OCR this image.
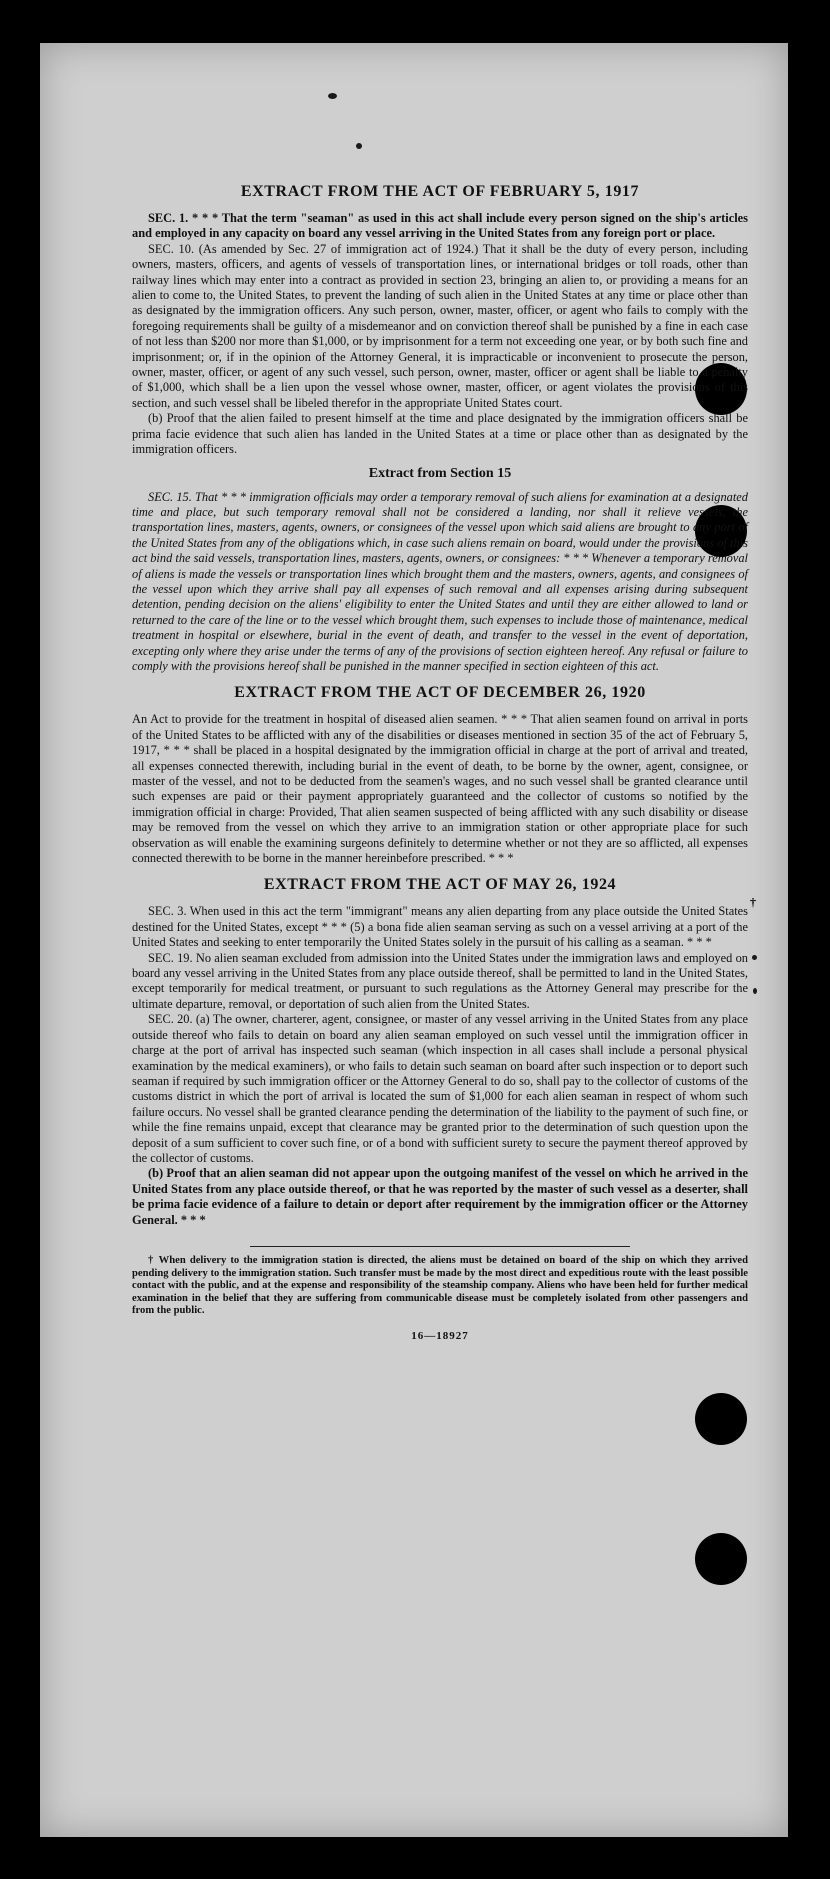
†
EXTRACT FROM THE ACT OF FEBRUARY 5, 1917

SEC. 1. * * * That the term "seaman" as used in this act shall include every person signed on the ship's articles and employed in any capacity on board any vessel arriving in the United States from any foreign port or place.

SEC. 10. (As amended by Sec. 27 of immigration act of 1924.) That it shall be the duty of every person, including owners, masters, officers, and agents of vessels of transportation lines, or international bridges or toll roads, other than railway lines which may enter into a contract as provided in section 23, bringing an alien to, or providing a means for an alien to come to, the United States, to prevent the landing of such alien in the United States at any time or place other than as designated by the immigration officers. Any such person, owner, master, officer, or agent who fails to comply with the foregoing requirements shall be guilty of a misdemeanor and on conviction thereof shall be punished by a fine in each case of not less than $200 nor more than $1,000, or by imprisonment for a term not exceeding one year, or by both such fine and imprisonment; or, if in the opinion of the Attorney General, it is impracticable or inconvenient to prosecute the person, owner, master, officer, or agent of any such vessel, such person, owner, master, officer or agent shall be liable to a penalty of $1,000, which shall be a lien upon the vessel whose owner, master, officer, or agent violates the provisions of this section, and such vessel shall be libeled therefor in the appropriate United States court.

(b) Proof that the alien failed to present himself at the time and place designated by the immigration officers shall be prima facie evidence that such alien has landed in the United States at a time or place other than as designated by the immigration officers.

Extract from Section 15

SEC. 15. That * * * immigration officials may order a temporary removal of such aliens for examination at a designated time and place, but such temporary removal shall not be considered a landing, nor shall it relieve vessels, the transportation lines, masters, agents, owners, or consignees of the vessel upon which said aliens are brought to any port of the United States from any of the obligations which, in case such aliens remain on board, would under the provisions of this act bind the said vessels, transportation lines, masters, agents, owners, or consignees: * * * Whenever a temporary removal of aliens is made the vessels or transportation lines which brought them and the masters, owners, agents, and consignees of the vessel upon which they arrive shall pay all expenses of such removal and all expenses arising during subsequent detention, pending decision on the aliens' eligibility to enter the United States and until they are either allowed to land or returned to the care of the line or to the vessel which brought them, such expenses to include those of maintenance, medical treatment in hospital or elsewhere, burial in the event of death, and transfer to the vessel in the event of deportation, excepting only where they arise under the terms of any of the provisions of section eighteen hereof. Any refusal or failure to comply with the provisions hereof shall be punished in the manner specified in section eighteen of this act.

EXTRACT FROM THE ACT OF DECEMBER 26, 1920

An Act to provide for the treatment in hospital of diseased alien seamen. * * * That alien seamen found on arrival in ports of the United States to be afflicted with any of the disabilities or diseases mentioned in section 35 of the act of February 5, 1917, * * * shall be placed in a hospital designated by the immigration official in charge at the port of arrival and treated, all expenses connected therewith, including burial in the event of death, to be borne by the owner, agent, consignee, or master of the vessel, and not to be deducted from the seamen's wages, and no such vessel shall be granted clearance until such expenses are paid or their payment appropriately guaranteed and the collector of customs so notified by the immigration official in charge: Provided, That alien seamen suspected of being afflicted with any such disability or disease may be removed from the vessel on which they arrive to an immigration station or other appropriate place for such observation as will enable the examining surgeons definitely to determine whether or not they are so afflicted, all expenses connected therewith to be borne in the manner hereinbefore prescribed. * * *

EXTRACT FROM THE ACT OF MAY 26, 1924

SEC. 3. When used in this act the term "immigrant" means any alien departing from any place outside the United States destined for the United States, except * * * (5) a bona fide alien seaman serving as such on a vessel arriving at a port of the United States and seeking to enter temporarily the United States solely in the pursuit of his calling as a seaman. * * *

SEC. 19. No alien seaman excluded from admission into the United States under the immigration laws and employed on board any vessel arriving in the United States from any place outside thereof, shall be permitted to land in the United States, except temporarily for medical treatment, or pursuant to such regulations as the Attorney General may prescribe for the ultimate departure, removal, or deportation of such alien from the United States.

SEC. 20. (a) The owner, charterer, agent, consignee, or master of any vessel arriving in the United States from any place outside thereof who fails to detain on board any alien seaman employed on such vessel until the immigration officer in charge at the port of arrival has inspected such seaman (which inspection in all cases shall include a personal physical examination by the medical examiners), or who fails to detain such seaman on board after such inspection or to deport such seaman if required by such immigration officer or the Attorney General to do so, shall pay to the collector of customs of the customs district in which the port of arrival is located the sum of $1,000 for each alien seaman in respect of whom such failure occurs. No vessel shall be granted clearance pending the determination of the liability to the payment of such fine, or while the fine remains unpaid, except that clearance may be granted prior to the determination of such question upon the deposit of a sum sufficient to cover such fine, or of a bond with sufficient surety to secure the payment thereof approved by the collector of customs.

(b) Proof that an alien seaman did not appear upon the outgoing manifest of the vessel on which he arrived in the United States from any place outside thereof, or that he was reported by the master of such vessel as a deserter, shall be prima facie evidence of a failure to detain or deport after requirement by the immigration officer or the Attorney General. * * *

† When delivery to the immigration station is directed, the aliens must be detained on board of the ship on which they arrived pending delivery to the immigration station. Such transfer must be made by the most direct and expeditious route with the least possible contact with the public, and at the expense and responsibility of the steamship company. Aliens who have been held for further medical examination in the belief that they are suffering from communicable disease must be completely isolated from other passengers and from the public.

16—18927
